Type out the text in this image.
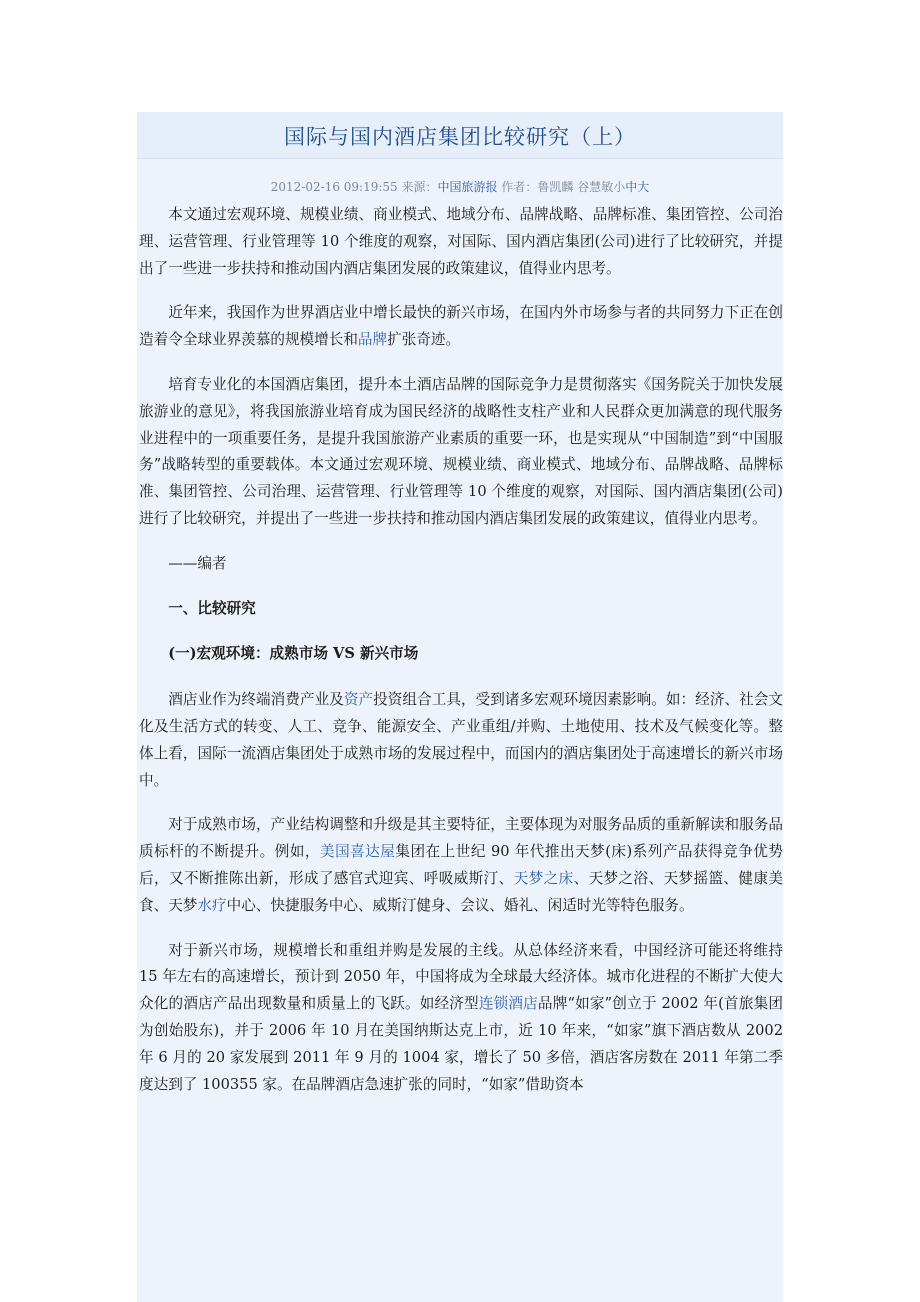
国际与国内酒店集团比较研究（上）
2012-02-16 09:19:55 来源：中国旅游报 作者：鲁凯麟 谷慧敏小中大

本文通过宏观环境、规模业绩、商业模式、地域分布、品牌战略、品牌标准、集团管控、公司治理、运营管理、行业管理等 10 个维度的观察，对国际、国内酒店集团(公司)进行了比较研究，并提出了一些进一步扶持和推动国内酒店集团发展的政策建议，值得业内思考。

近年来，我国作为世界酒店业中增长最快的新兴市场，在国内外市场参与者的共同努力下正在创造着令全球业界羡慕的规模增长和品牌扩张奇迹。

培育专业化的本国酒店集团，提升本土酒店品牌的国际竞争力是贯彻落实《国务院关于加快发展旅游业的意见》，将我国旅游业培育成为国民经济的战略性支柱产业和人民群众更加满意的现代服务业进程中的一项重要任务，是提升我国旅游产业素质的重要一环，也是实现从“中国制造”到“中国服务”战略转型的重要载体。本文通过宏观环境、规模业绩、商业模式、地域分布、品牌战略、品牌标准、集团管控、公司治理、运营管理、行业管理等 10 个维度的观察，对国际、国内酒店集团(公司)进行了比较研究，并提出了一些进一步扶持和推动国内酒店集团发展的政策建议，值得业内思考。

——编者

一、比较研究

(一)宏观环境：成熟市场 VS 新兴市场

酒店业作为终端消费产业及资产投资组合工具，受到诸多宏观环境因素影响。如：经济、社会文化及生活方式的转变、人工、竞争、能源安全、产业重组/并购、土地使用、技术及气候变化等。整体上看，国际一流酒店集团处于成熟市场的发展过程中，而国内的酒店集团处于高速增长的新兴市场中。

对于成熟市场，产业结构调整和升级是其主要特征，主要体现为对服务品质的重新解读和服务品质标杆的不断提升。例如，美国喜达屋集团在上世纪 90 年代推出天梦(床)系列产品获得竞争优势后，又不断推陈出新，形成了感官式迎宾、呼吸威斯汀、天梦之床、天梦之浴、天梦摇篮、健康美食、天梦水疗中心、快捷服务中心、威斯汀健身、会议、婚礼、闲适时光等特色服务。

对于新兴市场，规模增长和重组并购是发展的主线。从总体经济来看，中国经济可能还将维持 15 年左右的高速增长，预计到 2050 年，中国将成为全球最大经济体。城市化进程的不断扩大使大众化的酒店产品出现数量和质量上的飞跃。如经济型连锁酒店品牌“如家”创立于 2002 年(首旅集团为创始股东)，并于 2006 年 10 月在美国纳斯达克上市，近 10 年来，“如家”旗下酒店数从 2002 年 6 月的 20 家发展到 2011 年 9 月的 1004 家，增长了 50 多倍，酒店客房数在 2011 年第二季度达到了 100355 家。在品牌酒店急速扩张的同时，“如家”借助资本
